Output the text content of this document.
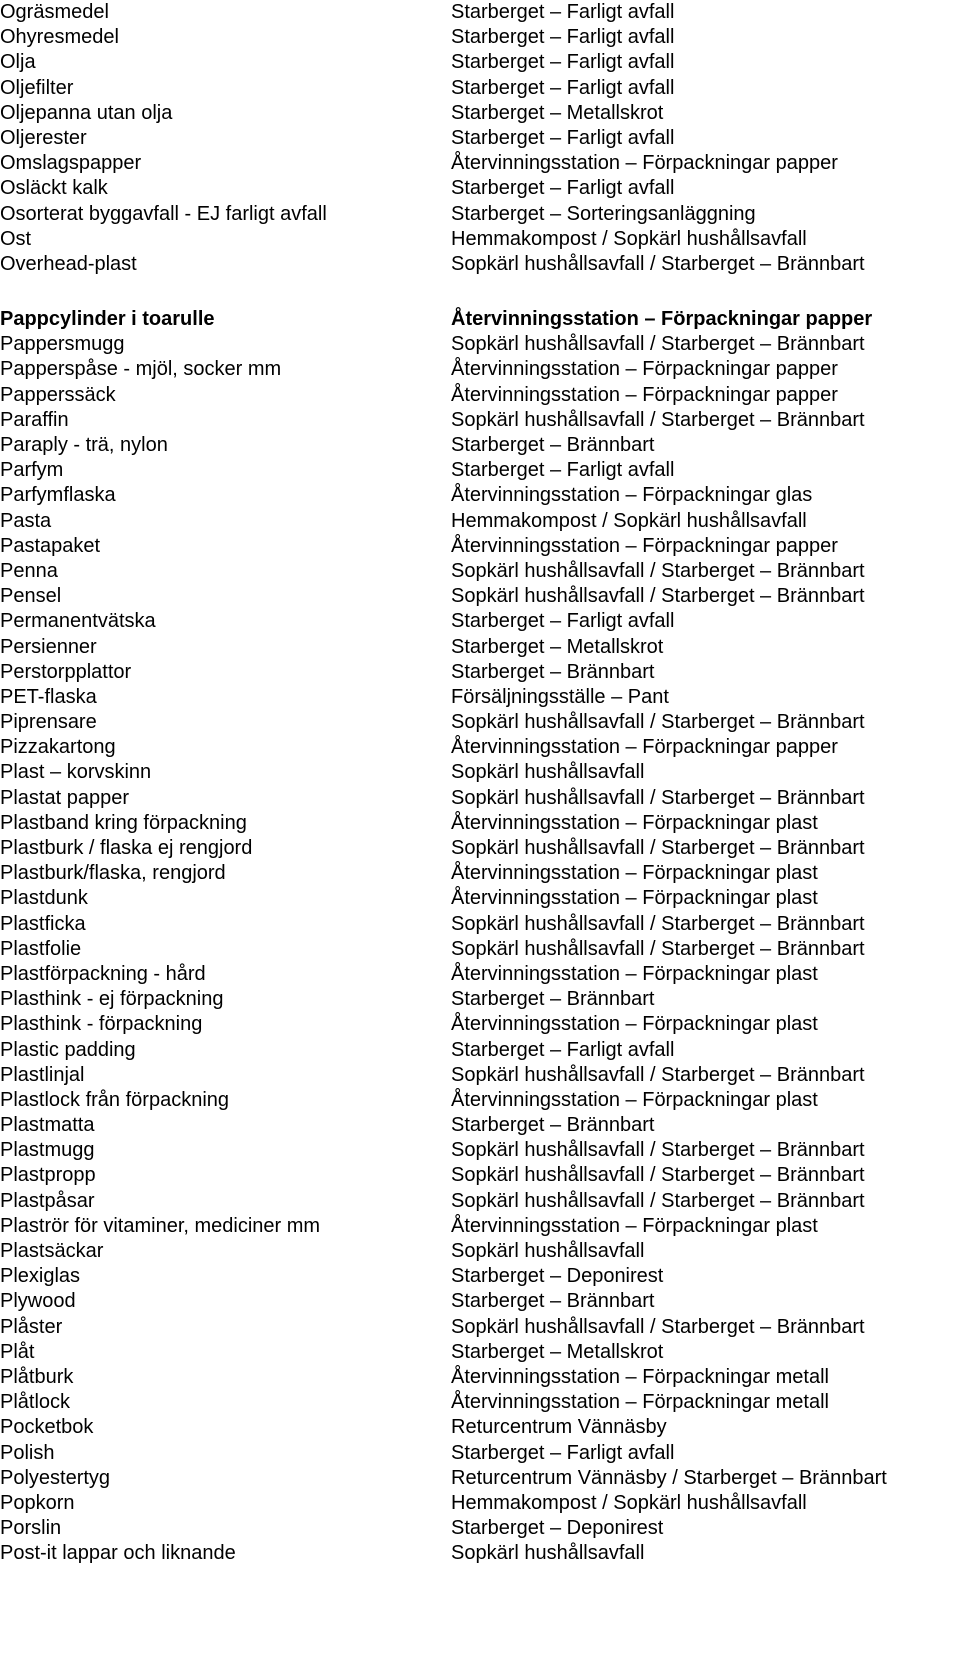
Ogräsmedel	Starberget – Farligt avfall
Ohyresmedel	Starberget – Farligt avfall
Olja	Starberget – Farligt avfall
Oljefilter	Starberget – Farligt avfall
Oljepanna utan olja	Starberget – Metallskrot
Oljerester	Starberget – Farligt avfall
Omslagspapper	Återvinningsstation – Förpackningar papper
Osläckt kalk	Starberget – Farligt avfall
Osorterat byggavfall - EJ farligt avfall	Starberget – Sorteringsanläggning
Ost	Hemmakompost / Sopkärl hushållsavfall
Overhead-plast	Sopkärl hushållsavfall / Starberget – Brännbart
Pappcylinder i toarulle	Återvinningsstation – Förpackningar papper
Pappersmugg	Sopkärl hushållsavfall / Starberget – Brännbart
Papperspåse - mjöl, socker mm	Återvinningsstation – Förpackningar papper
Papperssäck	Återvinningsstation – Förpackningar papper
Paraffin	Sopkärl hushållsavfall / Starberget – Brännbart
Paraply - trä, nylon	Starberget – Brännbart
Parfym	Starberget – Farligt avfall
Parfymflaska	Återvinningsstation – Förpackningar glas
Pasta	Hemmakompost / Sopkärl hushållsavfall
Pastapaket	Återvinningsstation – Förpackningar papper
Penna	Sopkärl hushållsavfall / Starberget – Brännbart
Pensel	Sopkärl hushållsavfall / Starberget – Brännbart
Permanentvätska	Starberget – Farligt avfall
Persienner	Starberget – Metallskrot
Perstorpplattor	Starberget – Brännbart
PET-flaska	Försäljningsställe – Pant
Piprensare	Sopkärl hushållsavfall / Starberget – Brännbart
Pizzakartong	Återvinningsstation – Förpackningar papper
Plast – korvskinn	Sopkärl hushållsavfall
Plastat papper	Sopkärl hushållsavfall / Starberget – Brännbart
Plastband kring förpackning	Återvinningsstation – Förpackningar plast
Plastburk / flaska ej rengjord	Sopkärl hushållsavfall / Starberget – Brännbart
Plastburk/flaska, rengjord	Återvinningsstation – Förpackningar plast
Plastdunk	Återvinningsstation – Förpackningar plast
Plastficka	Sopkärl hushållsavfall / Starberget – Brännbart
Plastfolie	Sopkärl hushållsavfall / Starberget – Brännbart
Plastförpackning - hård	Återvinningsstation – Förpackningar plast
Plasthink - ej förpackning	Starberget – Brännbart
Plasthink - förpackning	Återvinningsstation – Förpackningar plast
Plastic padding	Starberget – Farligt avfall
Plastlinjal	Sopkärl hushållsavfall / Starberget – Brännbart
Plastlock från förpackning	Återvinningsstation – Förpackningar plast
Plastmatta	Starberget – Brännbart
Plastmugg	Sopkärl hushållsavfall / Starberget – Brännbart
Plastpropp	Sopkärl hushållsavfall / Starberget – Brännbart
Plastpåsar	Sopkärl hushållsavfall / Starberget – Brännbart
Plaströr för vitaminer, mediciner mm	Återvinningsstation – Förpackningar plast
Plastsäckar	Sopkärl hushållsavfall
Plexiglas	Starberget – Deponirest
Plywood	Starberget – Brännbart
Plåster	Sopkärl hushållsavfall / Starberget – Brännbart
Plåt	Starberget – Metallskrot
Plåtburk	Återvinningsstation – Förpackningar metall
Plåtlock	Återvinningsstation – Förpackningar metall
Pocketbok	Returcentrum Vännäsby
Polish	Starberget – Farligt avfall
Polyestertyg	Returcentrum Vännäsby / Starberget – Brännbart
Popkorn	Hemmakompost / Sopkärl hushållsavfall
Porslin	Starberget – Deponirest
Post-it lappar och liknande	Sopkärl hushållsavfall
